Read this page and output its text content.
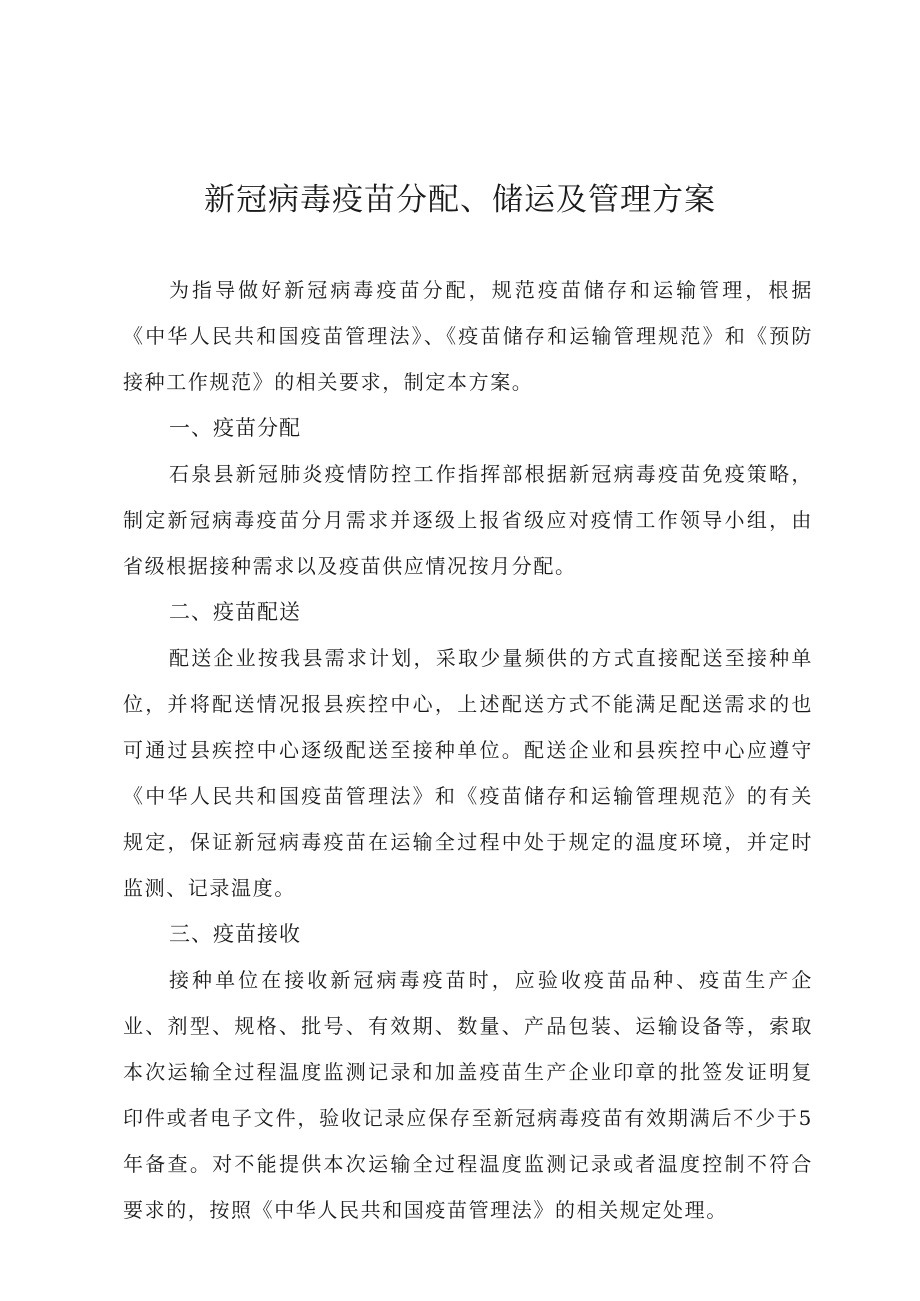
新冠病毒疫苗分配、储运及管理方案

为指导做好新冠病毒疫苗分配，规范疫苗储存和运输管理，根据《中华人民共和国疫苗管理法》、《疫苗储存和运输管理规范》和《预防接种工作规范》的相关要求，制定本方案。

一、疫苗分配

石泉县新冠肺炎疫情防控工作指挥部根据新冠病毒疫苗免疫策略，制定新冠病毒疫苗分月需求并逐级上报省级应对疫情工作领导小组，由省级根据接种需求以及疫苗供应情况按月分配。

二、疫苗配送

配送企业按我县需求计划，采取少量频供的方式直接配送至接种单位，并将配送情况报县疾控中心，上述配送方式不能满足配送需求的也可通过县疾控中心逐级配送至接种单位。配送企业和县疾控中心应遵守《中华人民共和国疫苗管理法》和《疫苗储存和运输管理规范》的有关规定，保证新冠病毒疫苗在运输全过程中处于规定的温度环境，并定时监测、记录温度。

三、疫苗接收

接种单位在接收新冠病毒疫苗时，应验收疫苗品种、疫苗生产企业、剂型、规格、批号、有效期、数量、产品包装、运输设备等，索取本次运输全过程温度监测记录和加盖疫苗生产企业印章的批签发证明复印件或者电子文件，验收记录应保存至新冠病毒疫苗有效期满后不少于5年备查。对不能提供本次运输全过程温度监测记录或者温度控制不符合要求的，按照《中华人民共和国疫苗管理法》的相关规定处理。
